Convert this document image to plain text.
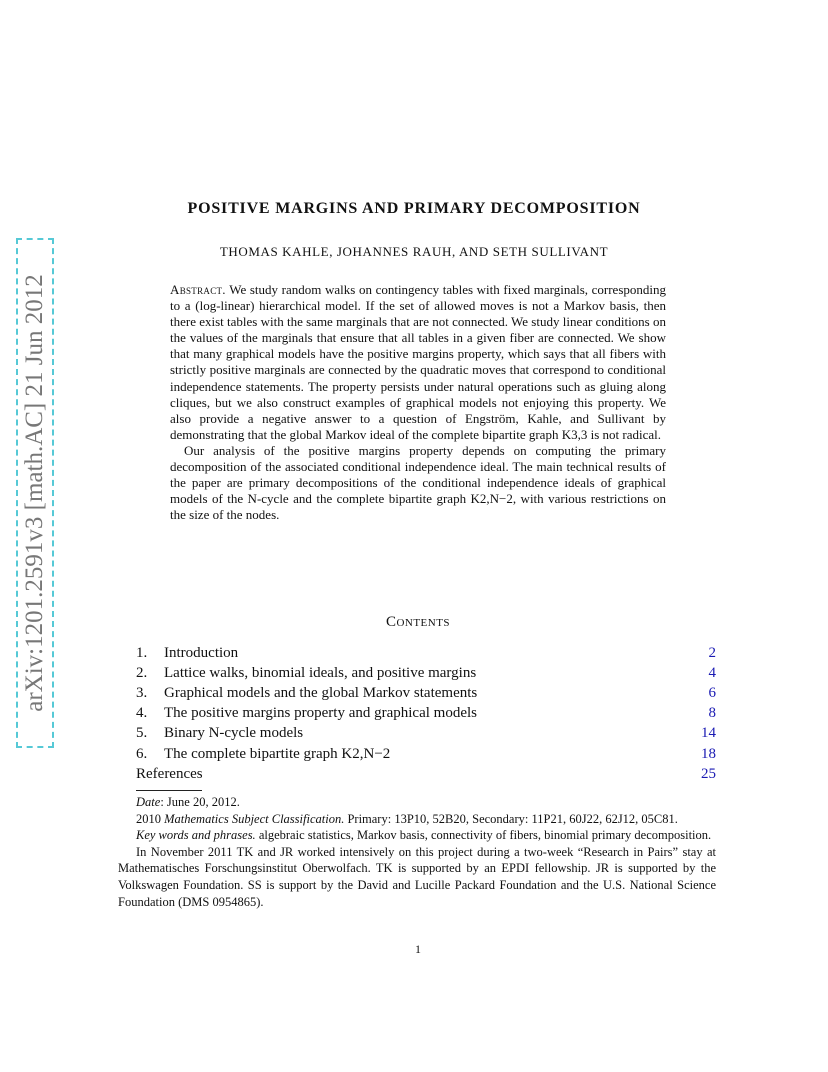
arXiv:1201.2591v3 [math.AC] 21 Jun 2012
POSITIVE MARGINS AND PRIMARY DECOMPOSITION
THOMAS KAHLE, JOHANNES RAUH, AND SETH SULLIVANT

Abstract. We study random walks on contingency tables with fixed marginals, corresponding to a (log-linear) hierarchical model. If the set of allowed moves is not a Markov basis, then there exist tables with the same marginals that are not connected. We study linear conditions on the values of the marginals that ensure that all tables in a given fiber are connected. We show that many graphical models have the positive margins property, which says that all fibers with strictly positive marginals are connected by the quadratic moves that correspond to conditional independence statements. The property persists under natural operations such as gluing along cliques, but we also construct examples of graphical models not enjoying this property. We also provide a negative answer to a question of Engström, Kahle, and Sullivant by demonstrating that the global Markov ideal of the complete bipartite graph K3,3 is not radical.

Our analysis of the positive margins property depends on computing the primary decomposition of the associated conditional independence ideal. The main technical results of the paper are primary decompositions of the conditional independence ideals of graphical models of the N-cycle and the complete bipartite graph K2,N−2, with various restrictions on the size of the nodes.

Contents
1.	Introduction	2
2.	Lattice walks, binomial ideals, and positive margins	4
3.	Graphical models and the global Markov statements	6
4.	The positive margins property and graphical models	8
5.	Binary N-cycle models	14
6.	The complete bipartite graph K2,N−2	18
References	25

Date: June 20, 2012.

2010 Mathematics Subject Classification. Primary: 13P10, 52B20, Secondary: 11P21, 60J22, 62J12, 05C81.

Key words and phrases. algebraic statistics, Markov basis, connectivity of fibers, binomial primary decomposition.

In November 2011 TK and JR worked intensively on this project during a two-week “Research in Pairs” stay at Mathematisches Forschungsinstitut Oberwolfach. TK is supported by an EPDI fellowship. JR is supported by the Volkswagen Foundation. SS is support by the David and Lucille Packard Foundation and the U.S. National Science Foundation (DMS 0954865).

1
